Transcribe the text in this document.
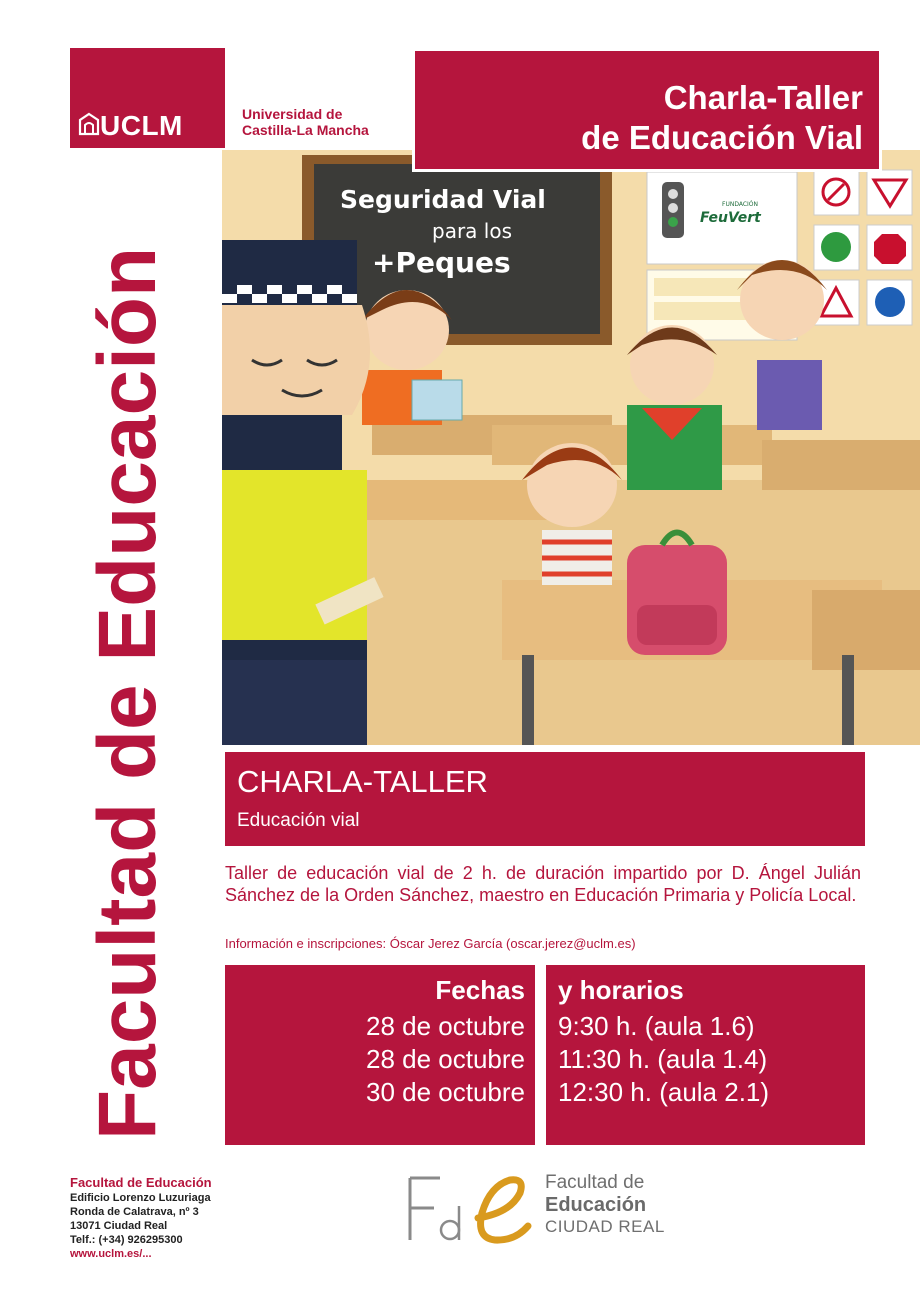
UCLM	Universidad de
Castilla-La Mancha
Facultad de Educación
Seguridad Vial
para los
+Peques
FUNDACIÓN
FeuVert
Charla-Taller
de Educación Vial
CHARLA-TALLER
Educación vial
Taller de educación vial de 2 h. de duración impartido por D. Ángel Julián Sánchez de la Orden Sánchez, maestro en Educación Primaria y Policía Local.
Información e inscripciones: Óscar Jerez García (oscar.jerez@uclm.es)
Fechas
28 de octubre
28 de octubre
30 de octubre
y horarios
9:30 h. (aula 1.6)
11:30 h. (aula 1.4)
12:30 h. (aula 2.1)
Facultad de Educación
Edificio Lorenzo Luzuriaga
Ronda de Calatrava, nº 3
13071 Ciudad Real
Telf.: (+34) 926295300
www.uclm.es/...
Facultad de
Educación
CIUDAD REAL
